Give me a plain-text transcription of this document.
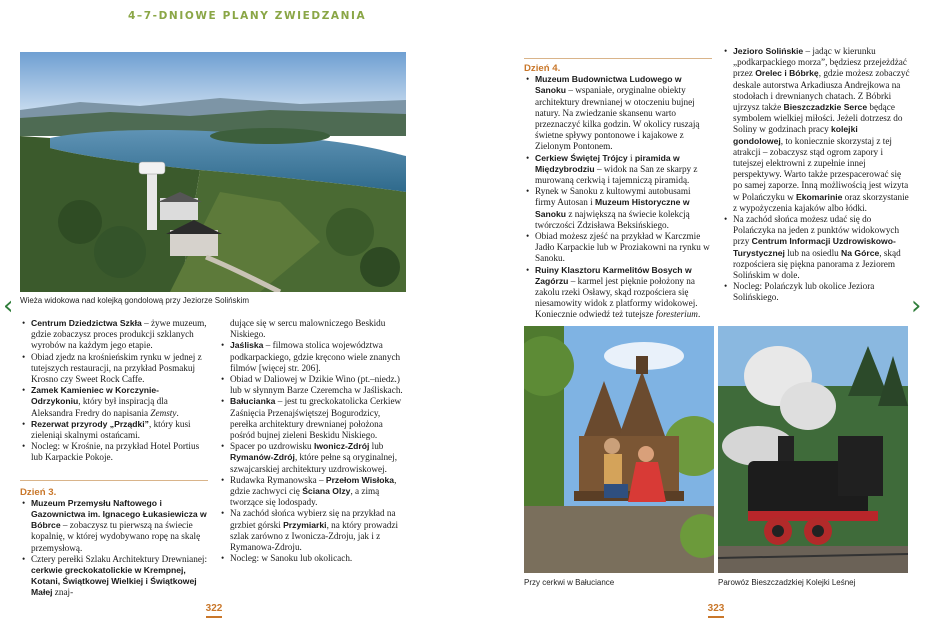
4–7-DNIOWE PLANY ZWIEDZANIA
‹	›
Wieża widokowa nad kolejką gondolową przy Jeziorze Solińskim
• Centrum Dziedzictwa Szkła – żywe muzeum, gdzie zobaczysz proces produkcji szklanych wyrobów na każdym jego etapie.
• Obiad zjedz na krośnieńskim rynku w jednej z tutejszych restauracji, na przykład Posmakuj Krosno czy Sweet Rock Caffe.
• Zamek Kamieniec w Korczynie-Odrzykoniu, który był inspiracją dla Aleksandra Fredry do napisania Zemsty.
• Rezerwat przyrody „Prządki”, który kusi zieleniąi skalnymi ostańcami.
• Nocleg: w Krośnie, na przykład Hotel Portius lub Karpackie Pokoje.
Dzień 3.
• Muzeum Przemysłu Naftowego i Gazownictwa im. Ignacego Łukasiewicza w Bóbrce – zobaczysz tu pierwszą na świecie kopalnię, w której wydobywano ropę na skalę przemysłową.
• Cztery perełki Szlaku Architektury Drewnianej: cerkwie greckokatolickie w Krempnej, Kotani, Świątkowej Wielkiej i Świątkowej Małej znaj-

dujące się w sercu malowniczego Beskidu Niskiego.

• Jaśliska – filmowa stolica województwa podkarpackiego, gdzie kręcono wiele znanych filmów [więcej str. 206].
• Obiad w Daliowej w Dzikie Wino (pt.–niedz.) lub w słynnym Barze Czeremcha w Jaśliskach.
• Bałucianka – jest tu greckokatolicka Cerkiew Zaśnięcia Przenajświętszej Bogurodzicy, perełka architektury drewnianej położona pośród bujnej zieleni Beskidu Niskiego.
• Spacer po uzdrowisku Iwonicz-Zdrój lub Rymanów-Zdrój, które pełne są oryginalnej, szwajcarskiej architektury uzdrowiskowej.
• Rudawka Rymanowska – Przełom Wisłoka, gdzie zachwyci cię Ściana Olzy, a zimą tworzące się lodospady.
• Na zachód słońca wybierz się na przykład na grzbiet górski Przymiarki, na który prowadzi szlak zarówno z Iwonicza-Zdroju, jak i z Rymanowa-Zdroju.
• Nocleg: w Sanoku lub okolicach.
322
Dzień 4.
• Muzeum Budownictwa Ludowego w Sanoku – wspaniałe, oryginalne obiekty architektury drewnianej w otoczeniu bujnej natury. Na zwiedzanie skansenu warto przeznaczyć kilka godzin. W okolicy ruszają świetne spływy pontonowe i kajakowe z Zielonym Pontonem.
• Cerkiew Świętej Trójcy i piramida w Międzybrodziu – widok na San ze skarpy z murowaną cerkwią i tajemniczą piramidą.
• Rynek w Sanoku z kultowymi autobusami firmy Autosan i Muzeum Historyczne w Sanoku z największą na świecie kolekcją twórczości Zdzisława Beksińskiego.
• Obiad możesz zjeść na przykład w Karczmie Jadło Karpackie lub w Proziakowni na rynku w Sanoku.
• Ruiny Klasztoru Karmelitów Bosych w Zagórzu – karmel jest pięknie położony na zakolu rzeki Osławy, skąd rozpościera się niesamowity widok z platformy widokowej. Koniecznie odwiedź też tutejsze foresterium.
• Jezioro Solińskie – jadąc w kierunku „podkarpackiego morza”, będziesz przejeżdżać przez Orelec i Bóbrkę, gdzie możesz zobaczyć deskale autorstwa Arkadiusza Andrejkowa na stodołach i drewnianych chatach. Z Bóbrki ujrzysz także Bieszczadzkie Serce będące symbolem wielkiej miłości. Jeżeli dotrzesz do Soliny w godzinach pracy kolejki gondolowej, to koniecznie skorzystaj z tej atrakcji – zobaczysz stąd ogrom zapory i tutejszej elektrowni z zupełnie innej perspektywy. Warto także przespacerować się po samej zaporze. Inną możliwością jest wizyta w Polańczyku w Ekomarinie oraz skorzystanie z wypożyczenia kajaków albo łódki.
• Na zachód słońca możesz udać się do Polańczyka na jeden z punktów widokowych przy Centrum Informacji Uzdrowiskowo-Turystycznej lub na osiedlu Na Górce, skąd rozpościera się piękna panorama z Jeziorem Solińskim w dole.
• Nocleg: Polańczyk lub okolice Jeziora Solińskiego.
Przy cerkwi w Bałuciance	Parowóz Bieszczadzkiej Kolejki Leśnej
323
